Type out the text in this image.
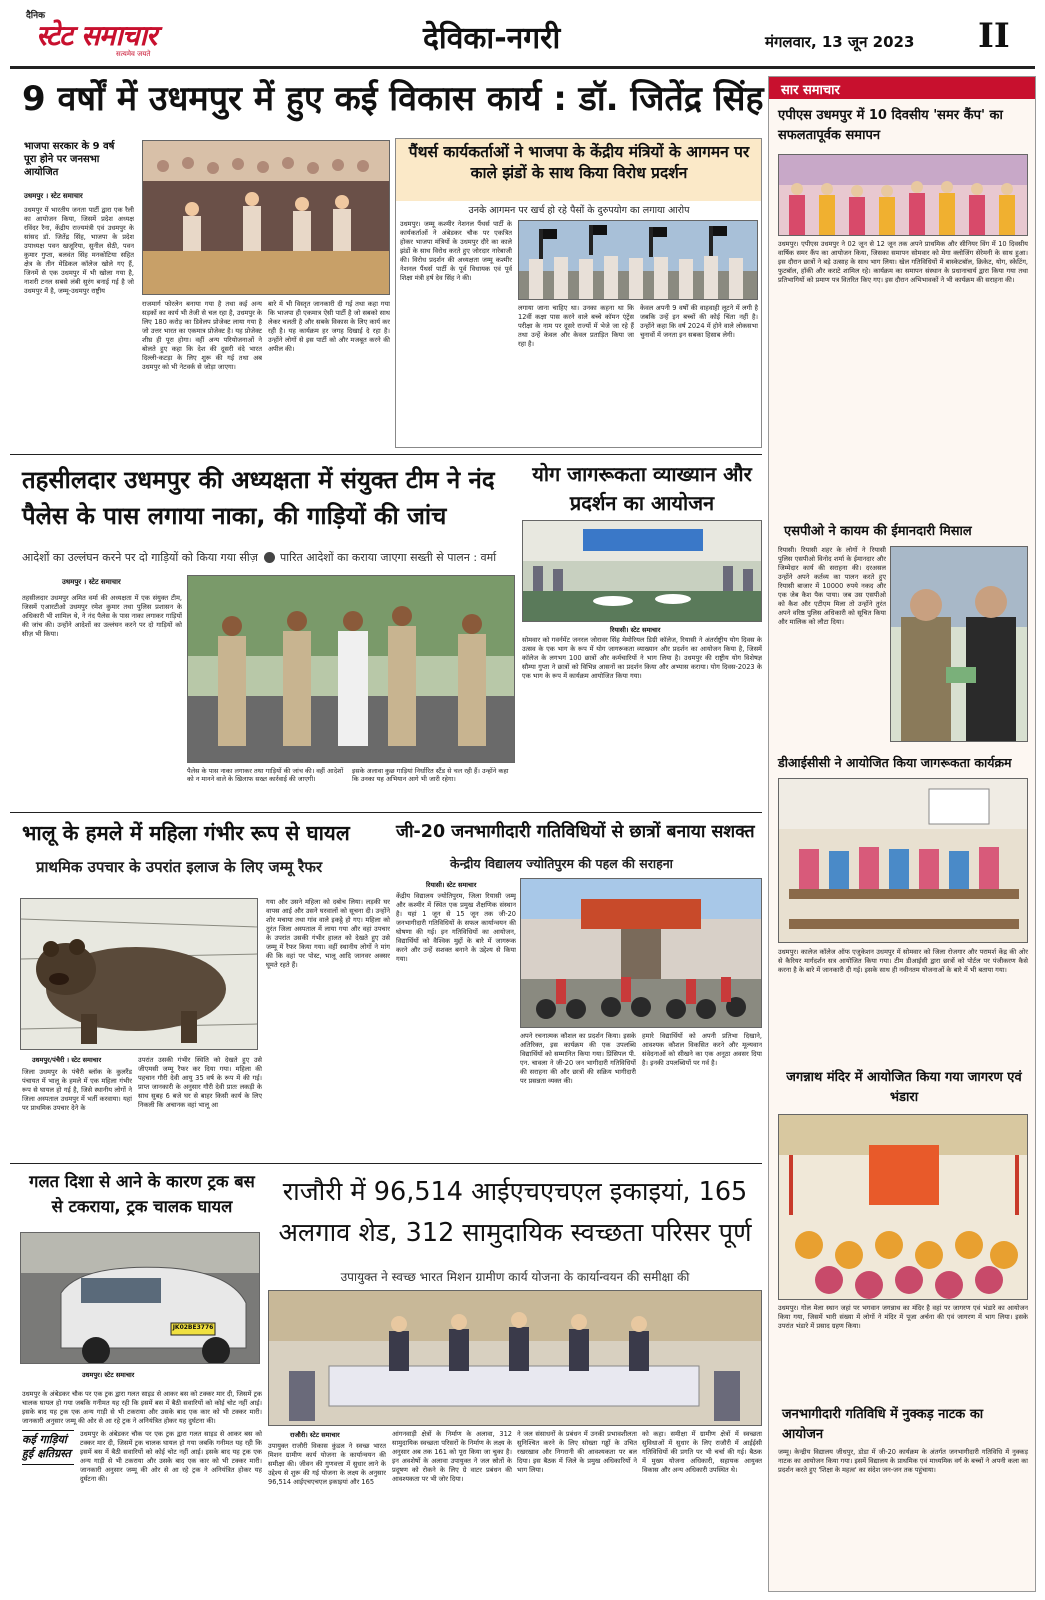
दैनिक
स्टेट समाचार
सत्यमेव जयते	देविका-नगरी	मंगलवार, 13 जून 2023 II
9 वर्षों में उधमपुर में हुए कई विकास कार्य : डॉ. जितेंद्र सिंह
भाजपा सरकार के 9 वर्ष पूरा होने पर जनसभा आयोजित
उधमपुर । स्टेट समाचार
उधमपुर में भारतीय जनता पार्टी द्वारा एक रैली का आयोजन किया, जिसमें प्रदेश अध्यक्ष रविंदर रैना, केंद्रीय राज्यमंत्री एवं उधमपुर के सांसद डॉ. जितेंद्र सिंह, भाजपा के प्रदेश उपाध्यक्ष पवन खजूरिया, सुनील सेठी, पवन कुमार गुप्ता, बलवंत सिंह मनकोटिया सहित क्षेत्र के तीन मेडिकल कॉलेज खोले गए हैं, जिनमें से एक उधमपुर में भी खोला गया है, नाशरी टनल सबसे लंबी सुरंग बनाई गई है जो उधमपुर में है, जम्मू-उधमपुर राष्ट्रीय
राजमार्ग फोरलेन बनाया गया है तथा कई अन्य सड़कों का कार्य भी तेजी से चल रहा है, उधमपुर के लिए 180 करोड़ का डिवेलप प्रोजेक्ट लाया गया है जो उत्तर भारत का एकमात्र प्रोजेक्ट है। यह प्रोजेक्ट शीघ्र ही पूरा होगा। वहीं अन्य परियोजनाओं ने बोलते हुए कहा कि देश की दूसरी वंदे भारत दिल्ली-कटड़ा के लिए शुरू की गई तथा अब उधमपुर को भी नेटवर्क से जोड़ा जाएगा।
बारे में भी विस्तृत जानकारी दी गई तथा कहा गया कि भाजपा ही एकमात्र ऐसी पार्टी है जो सबको साथ लेकर चलती है और सबके विकास के लिए कार्य कर रही है। यह कार्यक्रम हर जगह दिखाई दे रहा है। उन्होंने लोगों से इस पार्टी को और मजबूत करने की अपील की।
पैंथर्स कार्यकर्ताओं ने भाजपा के केंद्रीय मंत्रियों के आगमन पर काले झंडों के साथ किया विरोध प्रदर्शन
उनके आगमन पर खर्च हो रहे पैसों के दुरुपयोग का लगाया आरोप
उधमपुर। जम्मू कश्मीर नेशनल पैंथर्स पार्टी के कार्यकर्ताओं ने अंबेडकर चौक पर एकत्रित होकर भाजपा मंत्रियों के उधमपुर दौरे का काले झंडों के साथ विरोध करते हुए जोरदार नारेबाजी की। विरोध प्रदर्शन की अध्यक्षता जम्मू कश्मीर नेशनल पैंथर्स पार्टी के पूर्व विधायक एवं पूर्व शिक्षा मंत्री हर्ष देव सिंह ने की।
लगाया जाना चाहिए था। उनका कहना था कि 12वीं कक्षा पास करने वाले बच्चे कॉमन एंट्रेंस परीक्षा के नाम पर दूसरे राज्यों में भेजे जा रहे हैं तथा उन्हें केवल और केवल प्रताड़ित किया जा रहा है।
केवल अपनी 9 वर्षों की वाहवाही लूटने में लगी है जबकि उन्हें इन बच्चों की कोई चिंता नहीं है। उन्होंने कहा कि वर्ष 2024 में होने वाले लोकसभा चुनावों में जनता इन सबका हिसाब लेगी।
तहसीलदार उधमपुर की अध्यक्षता में संयुक्त टीम ने नंद पैलेस के पास लगाया नाका, की गाड़ियों की जांच
आदेशों का उल्लंघन करने पर दो गाड़ियों को किया गया सीज़ पारित आदेशों का कराया जाएगा सख्ती से पालन : वर्मा
उधमपुर । स्टेट समाचार
तहसीलदार उधमपुर अमित वर्मा की अध्यक्षता में एक संयुक्त टीम, जिसमें एआरटीओ उधमपुर रमेश कुमार तथा पुलिस प्रशासन के अधिकारी भी शामिल थे, ने नंद पैलेस के पास नाका लगाकर गाड़ियों की जांच की। उन्होंने आदेशों का उल्लंघन करने पर दो गाड़ियों को सीज़ भी किया।
पैलेस के पास नाका लगाकर तथा गाड़ियों की जांच की। वहीं आदेशों को न मानने वाले के खिलाफ सख्त कार्रवाई की जाएगी।
इसके अलावा कुछ गाड़ियां निर्धारित स्टैंड से चल रही हैं। उन्होंने कहा कि उनका यह अभियान आगे भी जारी रहेगा।
योग जागरूकता व्याख्यान और प्रदर्शन का आयोजन
रियासी। स्टेट समाचार
सोमवार को गवर्नमेंट जनरल जोरावर सिंह मेमोरियल डिग्री कॉलेज, रियासी ने अंतर्राष्ट्रीय योग दिवस के उत्सव के एक भाग के रूप में योग जागरूकता व्याख्यान और प्रदर्शन का आयोजन किया है, जिसमें कॉलेज के लगभग 100 छात्रों और कर्मचारियों ने भाग लिया है। उधमपुर की राष्ट्रीय योग विशेषज्ञ सौम्या गुप्ता ने छात्रों को विभिन्न आसनों का प्रदर्शन किया और अभ्यास कराया। योग दिवस-2023 के एक भाग के रूप में कार्यक्रम आयोजित किया गया।
भालू के हमले में महिला गंभीर रूप से घायल
प्राथमिक उपचार के उपरांत इलाज के लिए जम्मू रैफर
उधमपुर/पंचैरी । स्टेट समाचार
जिला उधमपुर के पंचैरी ब्लॉक के कुलरैंड पंचायत में भालू के हमले में एक महिला गंभीर रूप से घायल हो गई है, जिसे स्थानीय लोगों ने जिला अस्पताल उधमपुर में भर्ती करवाया। यहां पर प्राथमिक उपचार देने के
उपरांत उसकी गंभीर स्थिति को देखते हुए उसे जीएमसी जम्मू रैफर कर दिया गया। महिला की पहचान गौरी देवी आयु 35 वर्ष के रूप में की गई। प्राप्त जानकारी के अनुसार गौरी देवी प्रातः लकड़ी के साथ सुबह 6 बजे घर से बाहर किसी कार्य के लिए निकली कि अचानक वहां भालू आ
गया और उसने महिला को दबोच लिया। लड़की घर वापस आई और उसने घरवालों को सूचना दी। उन्होंने शोर मचाया तथा गांव वाले इकट्ठे हो गए। महिला को तुरंत जिला अस्पताल में लाया गया और वहां उपचार के उपरांत उसकी गंभीर हालत को देखते हुए उसे जम्मू में रैफर किया गया। वहीं स्थानीय लोगों ने मांग की कि वहां पर पोस्ट, भालू आदि जानवर अक्सर घूमते रहते हैं।
जी-20 जनभागीदारी गतिविधियों से छात्रों बनाया सशक्त
केन्द्रीय विद्यालय ज्योतिपुरम की पहल की सराहना
रियासी। स्टेट समाचार
केंद्रीय विद्यालय ज्योतिपुरम, जिला रियासी जम्मू और कश्मीर में स्थित एक प्रमुख शैक्षणिक संस्थान है। यहां 1 जून से 15 जून तक जी-20 जनभागीदारी गतिविधियों के सफल कार्यान्वयन की घोषणा की गई। इन गतिविधियों का आयोजन, विद्यार्थियों को वैश्विक मुद्दों के बारे में जागरूक करने और उन्हें सशक्त बनाने के उद्देश्य से किया गया।
अपने रचनात्मक कौशल का प्रदर्शन किया। इसके अतिरिक्त, इस कार्यक्रम की एक उपलब्धि विद्यार्थियों को सम्मानित किया गया। प्रिंसिपल पी. एन. चावला ने जी-20 जन भागीदारी गतिविधियों की सराहना की और छात्रों की सक्रिय भागीदारी पर प्रसन्नता व्यक्त की।
हमारे विद्यार्थियों को अपनी प्रतिभा दिखाने, आवश्यक कौशल विकसित करने और मूल्यवान संवेदनाओं को सीखने का एक अनूठा अवसर दिया है। इनकी उपलब्धियों पर गर्व है।
गलत दिशा से आने के कारण ट्रक बस से टकराया, ट्रक चालक घायल
JK02BE3776
उधमपुर। स्टेट समाचार
उधमपुर के अंबेडकर चौक पर एक ट्रक द्वारा गलत साइड से आकर बस को टक्कर मार दी, जिसमें ट्रक चालक घायल हो गया जबकि गनीमत यह रही कि इसमें बस में बैठी सवारियों को कोई चोट नहीं आई। इसके बाद यह ट्रक एक अन्य गाड़ी से भी टकराया और उसके बाद एक कार को भी टक्कर मारी। जानकारी अनुसार जम्मू की ओर से आ रहे ट्रक ने अनियंत्रित होकर यह दुर्घटना की।
कई गाड़ियां हुई क्षतिग्रस्त
उधमपुर के अंबेडकर चौक पर एक ट्रक द्वारा गलत साइड से आकर बस को टक्कर मार दी, जिसमें ट्रक चालक घायल हो गया जबकि गनीमत यह रही कि इसमें बस में बैठी सवारियों को कोई चोट नहीं आई। इसके बाद यह ट्रक एक अन्य गाड़ी से भी टकराया और उसके बाद एक कार को भी टक्कर मारी। जानकारी अनुसार जम्मू की ओर से आ रहे ट्रक ने अनियंत्रित होकर यह दुर्घटना की।
राजौरी में 96,514 आईएचएचएल इकाइयां, 165 अलगाव शेड, 312 सामुदायिक स्वच्छता परिसर पूर्ण
उपायुक्त ने स्वच्छ भारत मिशन ग्रामीण कार्य योजना के कार्यान्वयन की समीक्षा की
राजौरी। स्टेट समाचार
उपायुक्त राजौरी विकास कुंडल ने स्वच्छ भारत मिशन ग्रामीण कार्य योजना के कार्यान्वयन की समीक्षा की। जीवन की गुणवत्ता में सुधार लाने के उद्देश्य से शुरू की गई योजना के लक्ष्य के अनुसार 96,514 आईएचएचएल इकाइयां और 165
आंगनवाड़ी क्षेत्रों के निर्माण के अलावा, 312 सामुदायिक स्वच्छता परिसरों के निर्माण के लक्ष्य के अनुसार अब तक 161 को पूरा किया जा चुका है। इन अवशेषों के अलावा उपायुक्त ने जल स्रोतों के प्रदूषण को रोकने के लिए ग्रे वाटर प्रबंधन की आवश्यकता पर भी जोर दिया।
ने जल संसाधनों के प्रबंधन में उनकी प्रभावशीलता सुनिश्चित करने के लिए सोख्ता गड्ढों के उचित रखरखाव और निगरानी की आवश्यकता पर बल दिया। इस बैठक में जिले के प्रमुख अधिकारियों ने भाग लिया।
को कहा। समीक्षा में ग्रामीण क्षेत्रों में स्वच्छता सुविधाओं में सुधार के लिए राजौरी में आईईसी गतिविधियों की प्रगति पर भी चर्चा की गई। बैठक में मुख्य योजना अधिकारी, सहायक आयुक्त विकास और अन्य अधिकारी उपस्थित थे।
सार समाचार
एपीएस उधमपुर में 10 दिवसीय 'समर कैंप' का सफलतापूर्वक समापन
उधमपुर। एपीएस उधमपुर ने 02 जून से 12 जून तक अपने प्राथमिक और सीनियर विंग में 10 दिवसीय वार्षिक समर कैंप का आयोजन किया, जिसका समापन सोमवार को मेगा क्लोजिंग सेरेमनी के साथ हुआ। इस दौरान छात्रों ने बड़े उत्साह के साथ भाग लिया। खेल गतिविधियों में बास्केटबॉल, क्रिकेट, योग, स्केटिंग, फुटबॉल, हॉकी और कराटे शामिल रहे। कार्यक्रम का समापन संस्थान के प्रधानाचार्य द्वारा किया गया तथा प्रतिभागियों को प्रमाण पत्र वितरित किए गए। इस दौरान अभिभावकों ने भी कार्यक्रम की सराहना की।
एसपीओ ने कायम की ईमानदारी मिसाल
रियासी। रियासी शहर के लोगों ने रियासी पुलिस एसपीओ विनोद शर्मा के ईमानदार और जिम्मेदार कार्य की सराहना की। दरअसल उन्होंने अपने कर्तव्य का पालन करते हुए रियासी बाजार में 10000 रुपये नकद और एक जेब कैश पैक पाया। जब उस एसपीओ को कैश और एटीएम मिला तो उन्होंने तुरंत अपने वरिष्ठ पुलिस अधिकारी को सूचित किया और मालिक को लौटा दिया।
डीआईसीसी ने आयोजित किया जागरूकता कार्यक्रम
उधमपुर। कालेज कॉलेज ऑफ एजुकेशन उधमपुर में सोमवार को जिला रोजगार और परामर्श केंद्र की ओर से कैरियर मार्गदर्शन सत्र आयोजित किया गया। टीम डीआईसी द्वारा छात्रों को पोर्टल पर पंजीकरण कैसे करना है के बारे में जानकारी दी गई। इसके साथ ही नवीनतम योजनाओं के बारे में भी बताया गया।
जगन्नाथ मंदिर में आयोजित किया गया जागरण एवं भंडारा
उधमपुर। गोल मेला स्थान जहां पर भगवान जगन्नाथ का मंदिर है वहां पर जागरण एवं भंडारे का आयोजन किया गया, जिसमें भारी संख्या में लोगों ने मंदिर में पूजा अर्चना की एवं जागरण में भाग लिया। इसके उपरांत भंडारे में प्रसाद ग्रहण किया।
जनभागीदारी गतिविधि में नुक्कड़ नाटक का आयोजन
जम्मू। केन्द्रीय विद्यालय जीधपुर, डोडा में जी-20 कार्यक्रम के अंतर्गत जनभागीदारी गतिविधि में नुक्कड़ नाटक का आयोजन किया गया। इसमें विद्यालय के प्राथमिक एवं माध्यमिक वर्ग के बच्चों ने अपनी कला का प्रदर्शन करते हुए 'शिक्षा के महत्व' का संदेश जन-जन तक पहुंचाया।
